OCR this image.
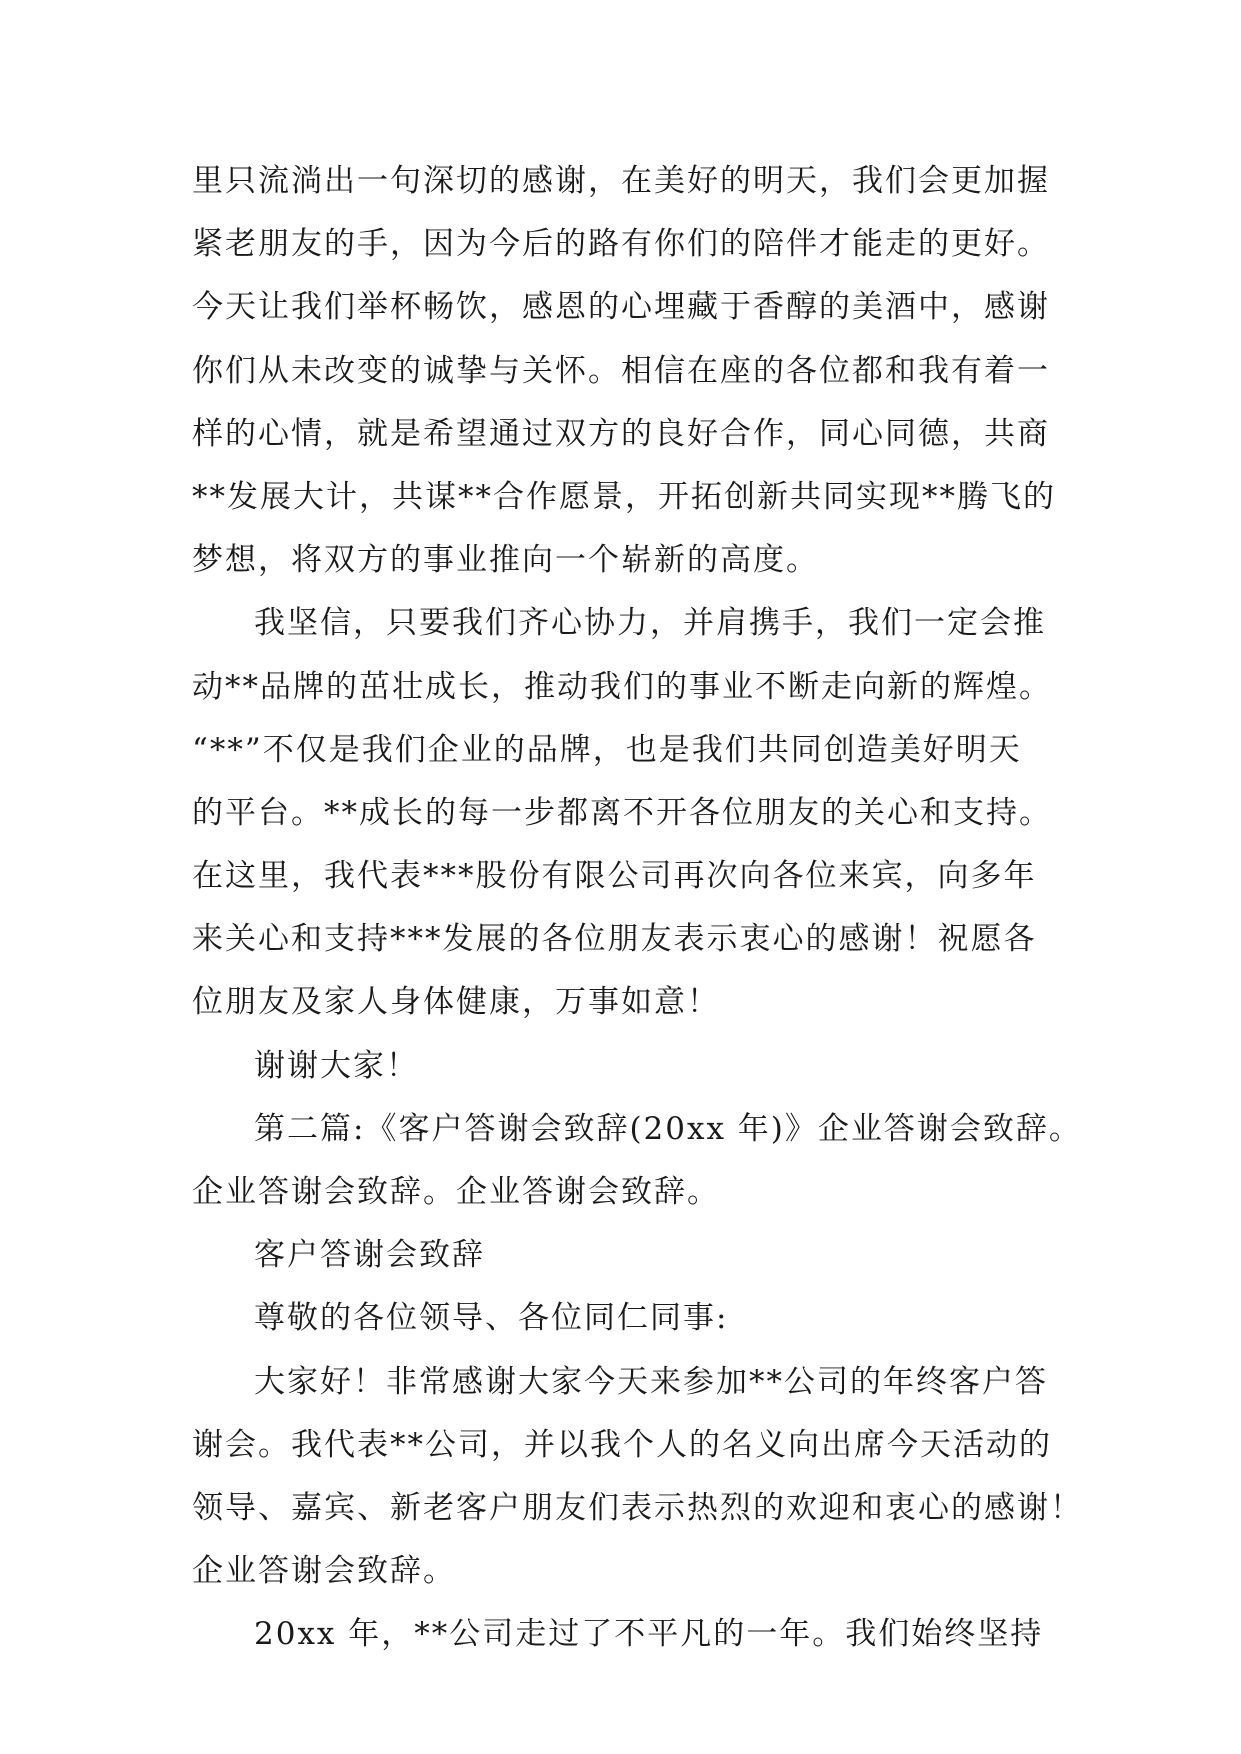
里只流淌出一句深切的感谢，在美好的明天，我们会更加握
紧老朋友的手，因为今后的路有你们的陪伴才能走的更好。
今天让我们举杯畅饮，感恩的心埋藏于香醇的美酒中，感谢
你们从未改变的诚挚与关怀。相信在座的各位都和我有着一
样的心情，就是希望通过双方的良好合作，同心同德，共商
**发展大计，共谋**合作愿景，开拓创新共同实现**腾飞的
梦想，将双方的事业推向一个崭新的高度。
我坚信，只要我们齐心协力，并肩携手，我们一定会推
动**品牌的茁壮成长，推动我们的事业不断走向新的辉煌。
“**”不仅是我们企业的品牌，也是我们共同创造美好明天
的平台。**成长的每一步都离不开各位朋友的关心和支持。
在这里，我代表***股份有限公司再次向各位来宾，向多年
来关心和支持***发展的各位朋友表示衷心的感谢！祝愿各
位朋友及家人身体健康，万事如意！
谢谢大家！
第二篇:《客户答谢会致辞(20xx 年)》企业答谢会致辞。
企业答谢会致辞。企业答谢会致辞。
客户答谢会致辞
尊敬的各位领导、各位同仁同事:
大家好！非常感谢大家今天来参加**公司的年终客户答
谢会。我代表**公司，并以我个人的名义向出席今天活动的
领导、嘉宾、新老客户朋友们表示热烈的欢迎和衷心的感谢！
企业答谢会致辞。
20xx 年，**公司走过了不平凡的一年。我们始终坚持
